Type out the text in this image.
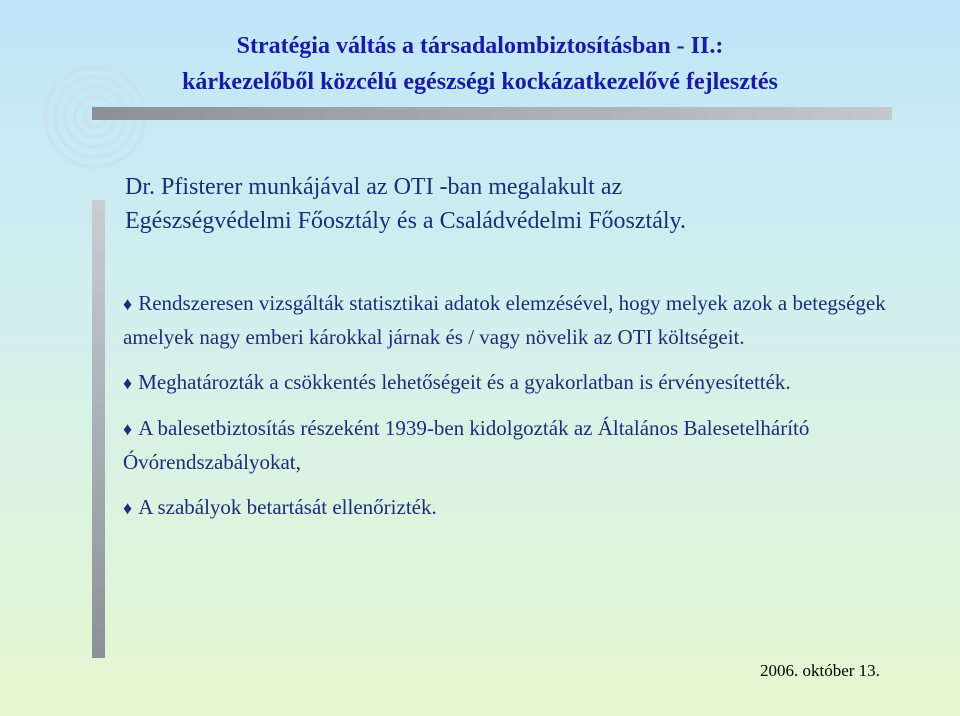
Stratégia váltás a társadalombiztosításban - II.:
kárkezelőből közcélú egészségi kockázatkezelővé fejlesztés
Dr. Pfisterer munkájával az OTI -ban megalakult az
Egészségvédelmi Főosztály és a Családvédelmi Főosztály.
♦ Rendszeresen vizsgálták statisztikai adatok elemzésével, hogy melyek azok a betegségek amelyek nagy emberi károkkal járnak és / vagy növelik az OTI költségeit.
♦ Meghatározták a csökkentés lehetőségeit és a gyakorlatban is érvényesítették.
♦ A balesetbiztosítás részeként 1939-ben kidolgozták az Általános Balesetelhárító Óvórendszabályokat,
♦ A szabályok betartását ellenőrizték.
2006. október 13.
